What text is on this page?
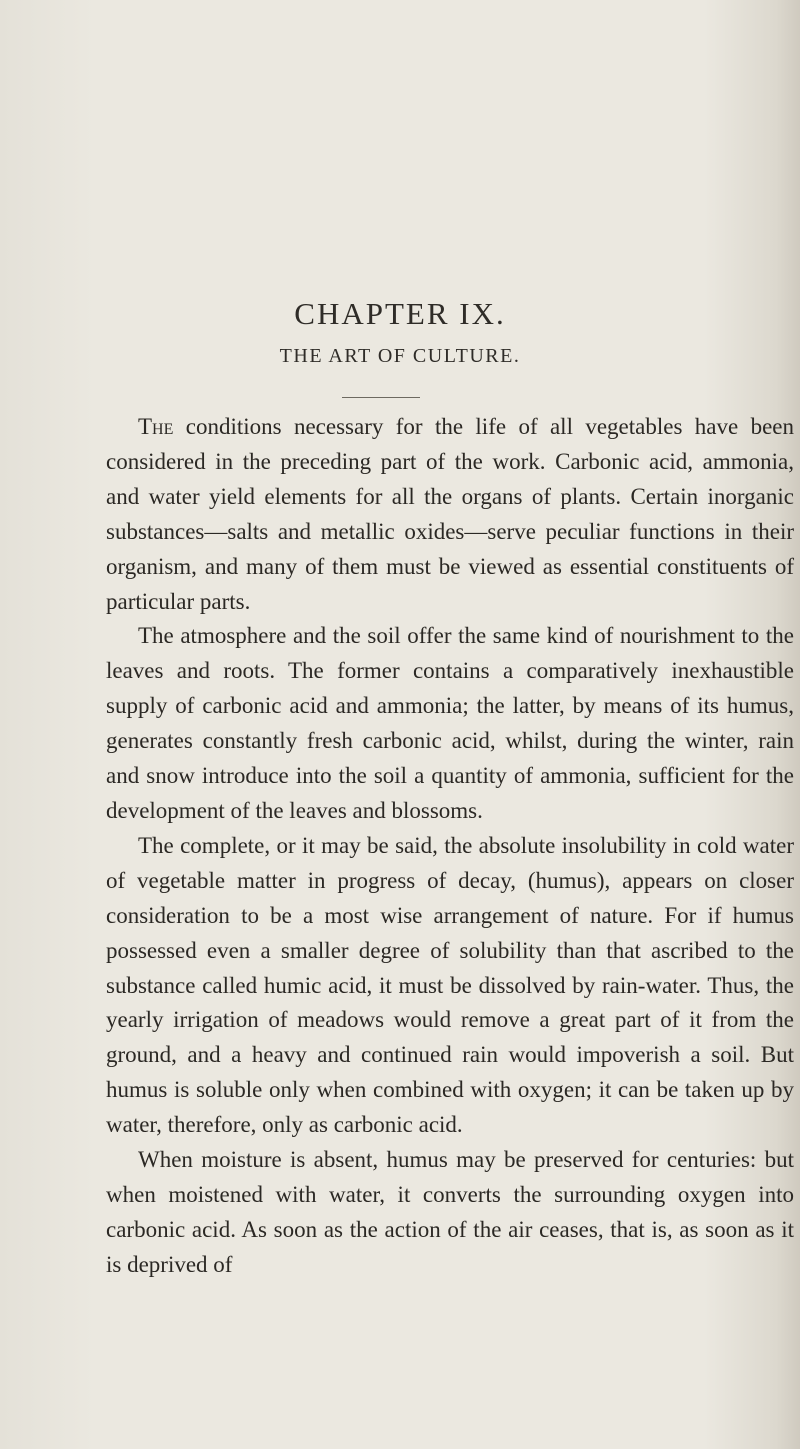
CHAPTER IX.
THE ART OF CULTURE.

The conditions necessary for the life of all vegetables have been considered in the preceding part of the work. Carbonic acid, ammonia, and water yield elements for all the organs of plants. Certain inorganic substances—salts and metallic oxides—serve peculiar functions in their organism, and many of them must be viewed as essential constituents of particular parts.

The atmosphere and the soil offer the same kind of nourishment to the leaves and roots. The former contains a comparatively inexhaustible supply of carbonic acid and ammonia; the latter, by means of its humus, generates constantly fresh carbonic acid, whilst, during the winter, rain and snow introduce into the soil a quantity of ammonia, sufficient for the development of the leaves and blossoms.

The complete, or it may be said, the absolute insolubility in cold water of vegetable matter in progress of decay, (humus), appears on closer consideration to be a most wise arrangement of nature. For if humus possessed even a smaller degree of solubility than that ascribed to the substance called humic acid, it must be dissolved by rain-water. Thus, the yearly irrigation of meadows would remove a great part of it from the ground, and a heavy and continued rain would impoverish a soil. But humus is soluble only when combined with oxygen; it can be taken up by water, therefore, only as carbonic acid.

When moisture is absent, humus may be preserved for centuries: but when moistened with water, it converts the surrounding oxygen into carbonic acid. As soon as the action of the air ceases, that is, as soon as it is deprived of
